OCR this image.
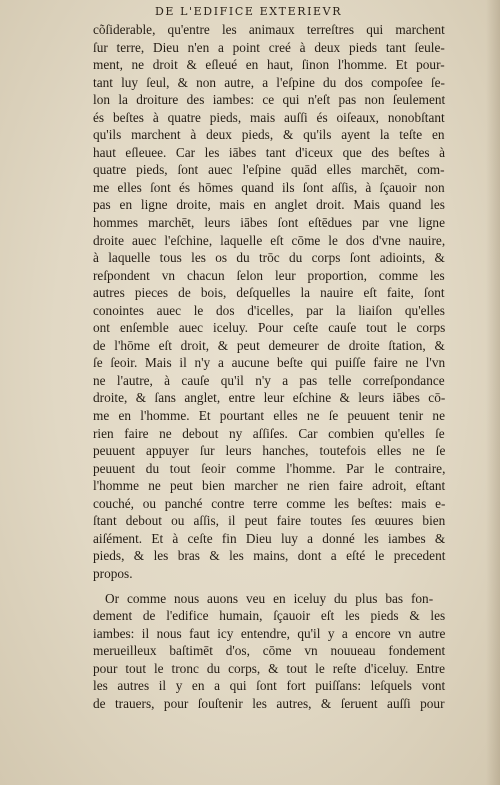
DE L'EDIFICE EXTERIEVR
cõſiderable, qu'entre les animaux terreſtres qui marchent
ſur terre, Dieu n'en a point creé à deux pieds tant ſeule-
ment, ne droit & eſleué en haut, ſinon l'homme. Et pour-
tant luy ſeul, & non autre, a l'eſpine du dos compoſee ſe-
lon la droiture des iambes: ce qui n'eſt pas non ſeulement
és beſtes à quatre pieds, mais auſſi és oiſeaux, nonobſtant
qu'ils marchent à deux pieds, & qu'ils ayent la teſte en
haut eſleuee. Car les iābes tant d'iceux que des beſtes à
quatre pieds, ſont auec l'eſpine quād elles marchēt, com-
me elles ſont és hōmes quand ils ſont aſſis, à ſçauoir non
pas en ligne droite, mais en anglet droit. Mais quand les
hommes marchēt, leurs iābes ſont eſtēdues par vne ligne
droite auec l'eſchine, laquelle eſt cōme le dos d'vne nauire,
à laquelle tous les os du trōc du corps ſont adioints, &
reſpondent vn chacun ſelon leur proportion, comme les
autres pieces de bois, deſquelles la nauire eſt faite, ſont
conointes auec le dos d'icelles, par la liaiſon qu'elles
ont enſemble auec iceluy. Pour ceſte cauſe tout le corps
de l'hōme eſt droit, & peut demeurer de droite ſtation, &
ſe ſeoir. Mais il n'y a aucune beſte qui puiſſe faire ne l'vn
ne l'autre, à cauſe qu'il n'y a pas telle correſpondance
droite, & ſans anglet, entre leur eſchine & leurs iābes cō-
me en l'homme. Et pourtant elles ne ſe peuuent tenir ne
rien faire ne debout ny aſſiſes. Car combien qu'elles ſe
peuuent appuyer ſur leurs hanches, toutefois elles ne ſe
peuuent du tout ſeoir comme l'homme. Par le contraire,
l'homme ne peut bien marcher ne rien faire adroit, eſtant
couché, ou panché contre terre comme les beſtes: mais e-
ſtant debout ou aſſis, il peut faire toutes ſes œuures bien
aiſément. Et à ceſte fin Dieu luy a donné les iambes &
pieds, & les bras & les mains, dont a eſté le precedent
propos.
Or comme nous auons veu en iceluy du plus bas fon-
dement de l'edifice humain, ſçauoir eſt les pieds & les
iambes: il nous faut icy entendre, qu'il y a encore vn autre
merueilleux baſtimēt d'os, cōme vn nouueau fondement
pour tout le tronc du corps, & tout le reſte d'iceluy. Entre
les autres il y en a qui ſont fort puiſſans: leſquels vont
de trauers, pour ſouſtenir les autres, & ſeruent auſſi pour
